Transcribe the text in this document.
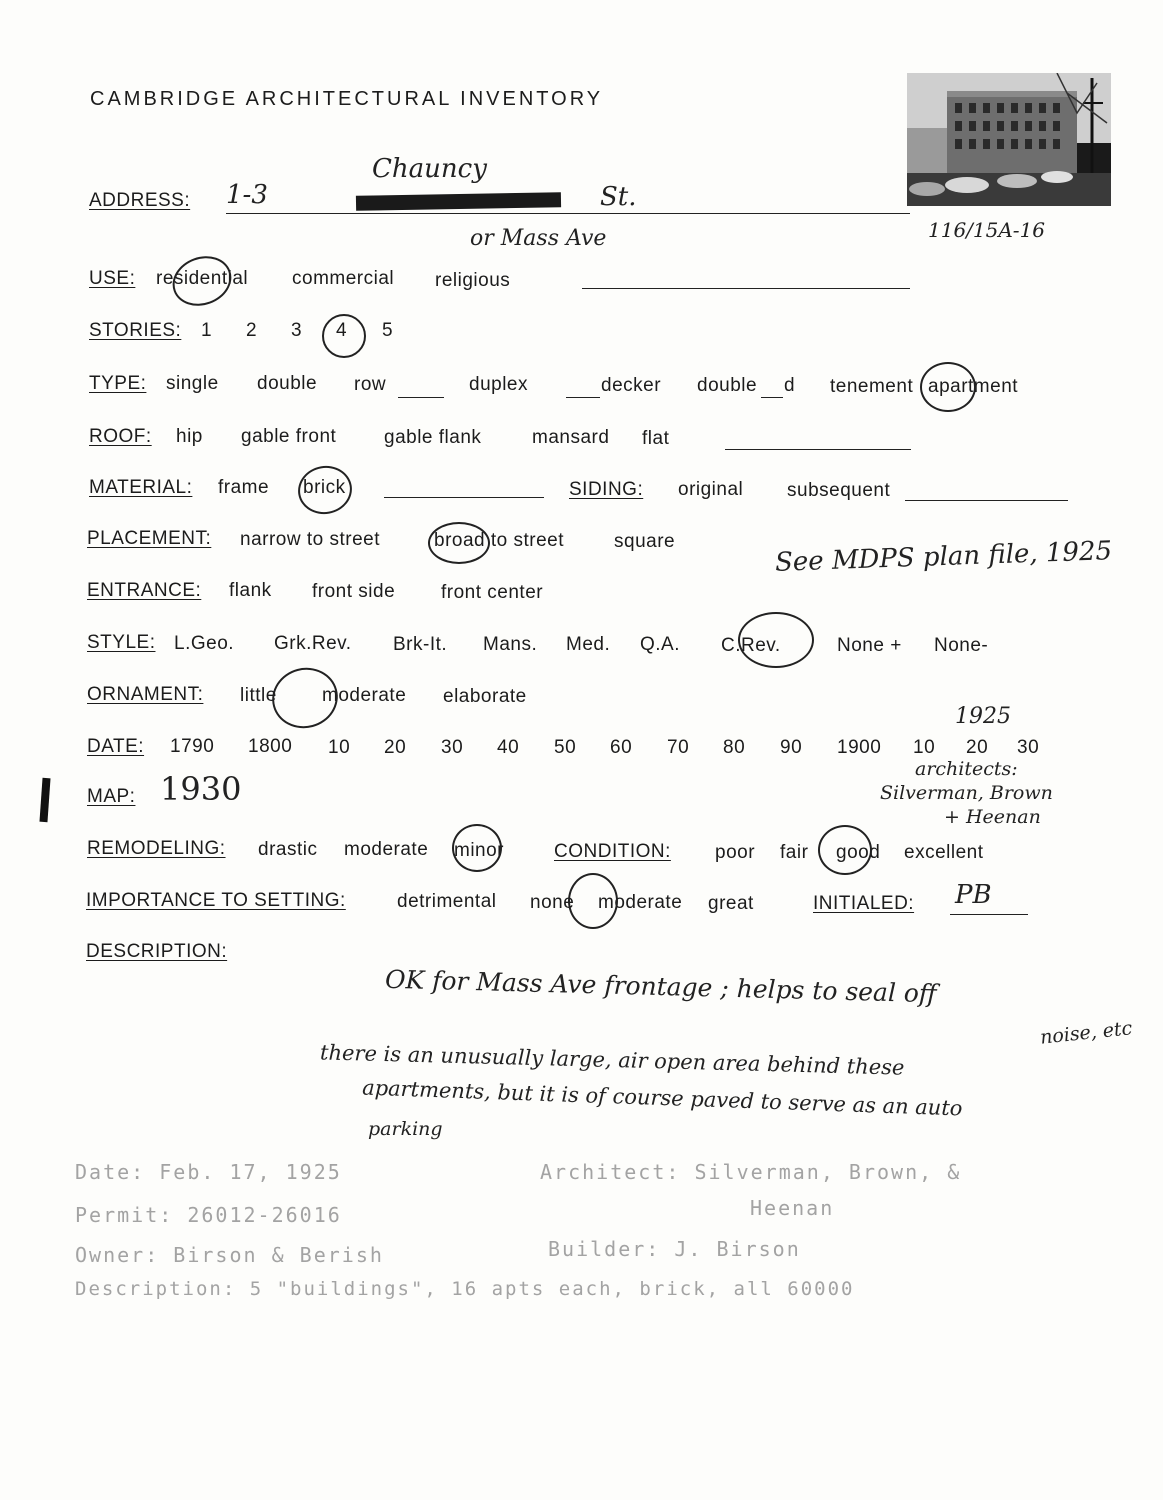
CAMBRIDGE ARCHITECTURAL INVENTORY
116/15A-16
ADDRESS: 1-3
Chauncy
St.
or Mass Ave
USE: residential commercial religious
STORIES: 1 2 3 4 5
TYPE: single double row	duplex	decker double d tenement apartment
ROOF: hip gable front	gable flank	mansard flat
MATERIAL: frame brick	SIDING: original subsequent
PLACEMENT: narrow to street	broad to street	square	See MDPS plan file, 1925
ENTRANCE: flank front side front center
STYLE: L.Geo. Grk.Rev. Brk-It. Mans. Med. Q.A. C.Rev.	None + None-
ORNAMENT: little moderate elaborate
DATE: 1790 1800 10 20 30 40 50 60 70 80 90 1900 10 20 30
1925
MAP: 1930
architects:
Silverman, Brown
+ Heenan
REMODELING: drastic moderate minor	CONDITION: poor fair good excellent
IMPORTANCE TO SETTING:	detrimental none moderate great	INITIALED: PB
DESCRIPTION:
OK for Mass Ave frontage ; helps to seal off
noise, etc
there is an unusually large, air open area behind these
apartments, but it is of course paved to serve as an auto
parking
Date: Feb. 17, 1925	Architect: Silverman, Brown, &
Heenan
Permit: 26012-26016
Owner: Birson & Berish	Builder: J. Birson
Description: 5 "buildings", 16 apts each, brick, all 60000
